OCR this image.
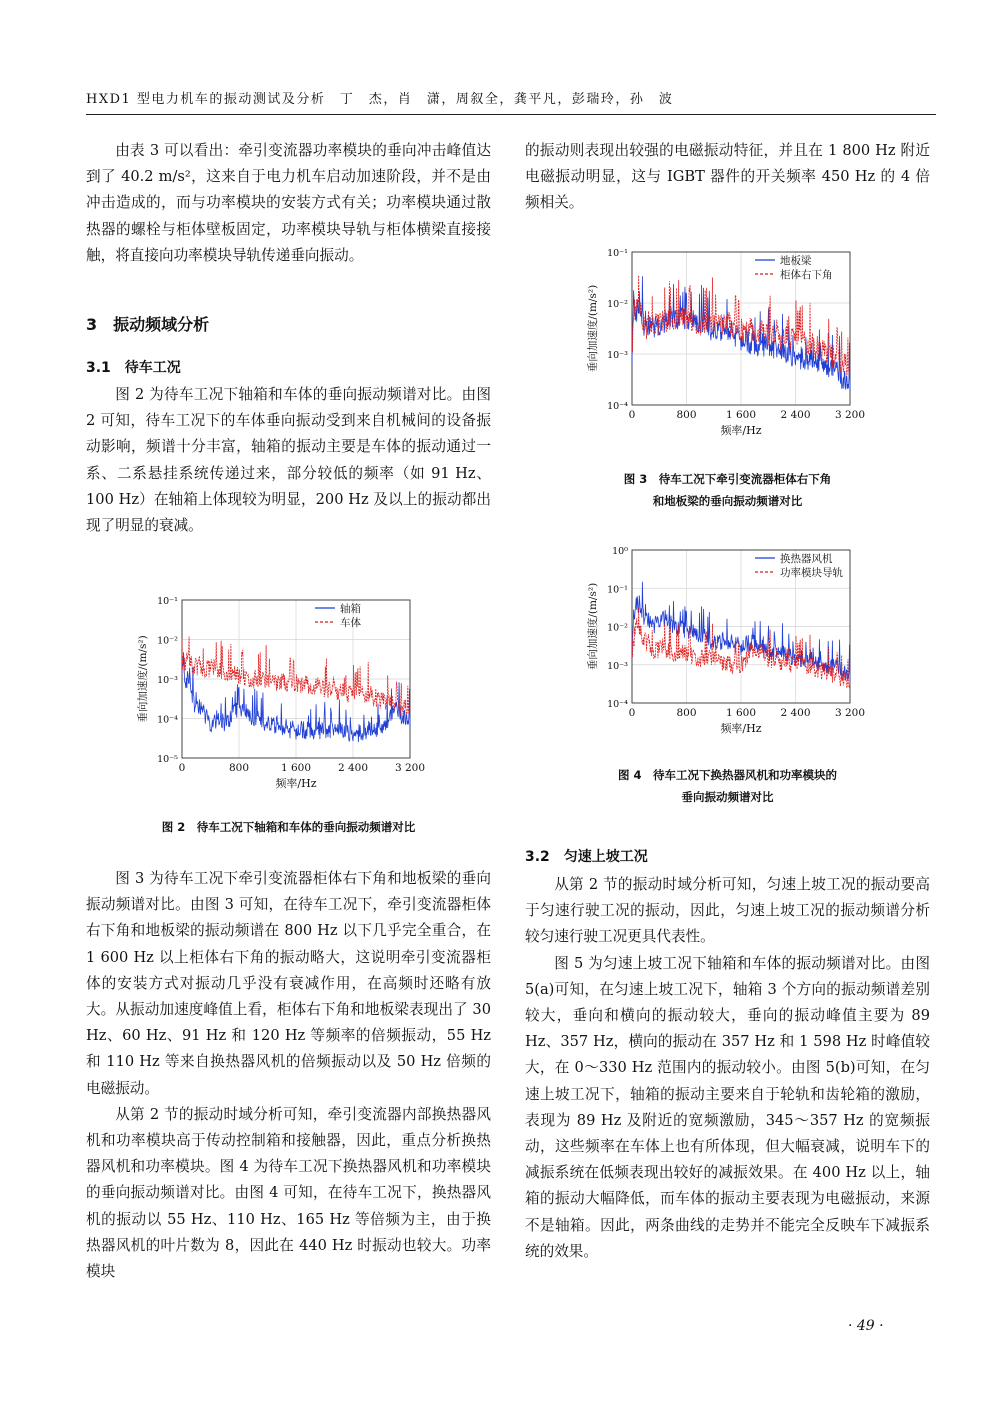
HXD1 型电力机车的振动测试及分析　丁　杰，肖　潇，周叙全，龚平凡，彭瑞玲，孙　波

由表 3 可以看出：牵引变流器功率模块的垂向冲击峰值达到了 40.2 m/s²，这来自于电力机车启动加速阶段，并不是由冲击造成的，而与功率模块的安装方式有关；功率模块通过散热器的螺栓与柜体壁板固定，功率模块导轨与柜体横梁直接接触，将直接向功率模块导轨传递垂向振动。

3　振动频域分析
3.1　待车工况

图 2 为待车工况下轴箱和车体的垂向振动频谱对比。由图 2 可知，待车工况下的车体垂向振动受到来自机械间的设备振动影响，频谱十分丰富，轴箱的振动主要是车体的振动通过一系、二系悬挂系统传递过来，部分较低的频率（如 91 Hz、100 Hz）在轴箱上体现较为明显，200 Hz 及以上的振动都出现了明显的衰减。

0	800	1 600	2 400	3 200
10⁻⁵
10⁻⁴
10⁻³
10⁻²
10⁻¹
轴箱
车体
频率/Hz
垂向加速度/(m/s²)
图 2　待车工况下轴箱和车体的垂向振动频谱对比

图 3 为待车工况下牵引变流器柜体右下角和地板梁的垂向振动频谱对比。由图 3 可知，在待车工况下，牵引变流器柜体右下角和地板梁的振动频谱在 800 Hz 以下几乎完全重合，在 1 600 Hz 以上柜体右下角的振动略大，这说明牵引变流器柜体的安装方式对振动几乎没有衰减作用，在高频时还略有放大。从振动加速度峰值上看，柜体右下角和地板梁表现出了 30 Hz、60 Hz、91 Hz 和 120 Hz 等频率的倍频振动，55 Hz 和 110 Hz 等来自换热器风机的倍频振动以及 50 Hz 倍频的电磁振动。

从第 2 节的振动时域分析可知，牵引变流器内部换热器风机和功率模块高于传动控制箱和接触器，因此，重点分析换热器风机和功率模块。图 4 为待车工况下换热器风机和功率模块的垂向振动频谱对比。由图 4 可知，在待车工况下，换热器风机的振动以 55 Hz、110 Hz、165 Hz 等倍频为主，由于换热器风机的叶片数为 8，因此在 440 Hz 时振动也较大。功率模块

的振动则表现出较强的电磁振动特征，并且在 1 800 Hz 附近电磁振动明显，这与 IGBT 器件的开关频率 450 Hz 的 4 倍频相关。

0	800	1 600 2 400 3 200
10⁻⁴
10⁻³
10⁻²
10⁻¹
地板梁
柜体右下角
频率/Hz
垂向加速度/(m/s²)
图 3　待车工况下牵引变流器柜体右下角
和地板梁的垂向振动频谱对比
0	800	1 600 2 400 3 200
10⁻⁴
10⁻³
10⁻²
10⁻¹
10⁰
换热器风机
功率模块导轨
频率/Hz
垂向加速度/(m/s²)
图 4　待车工况下换热器风机和功率模块的
垂向振动频谱对比
3.2　匀速上坡工况

从第 2 节的振动时域分析可知，匀速上坡工况的振动要高于匀速行驶工况的振动，因此，匀速上坡工况的振动频谱分析较匀速行驶工况更具代表性。

图 5 为匀速上坡工况下轴箱和车体的振动频谱对比。由图 5(a)可知，在匀速上坡工况下，轴箱 3 个方向的振动频谱差别较大，垂向和横向的振动较大，垂向的振动峰值主要为 89 Hz、357 Hz，横向的振动在 357 Hz 和 1 598 Hz 时峰值较大，在 0～330 Hz 范围内的振动较小。由图 5(b)可知，在匀速上坡工况下，轴箱的振动主要来自于轮轨和齿轮箱的激励，表现为 89 Hz 及附近的宽频激励，345～357 Hz 的宽频振动，这些频率在车体上也有所体现，但大幅衰减，说明车下的减振系统在低频表现出较好的减振效果。在 400 Hz 以上，轴箱的振动大幅降低，而车体的振动主要表现为电磁振动，来源不是轴箱。因此，两条曲线的走势并不能完全反映车下减振系统的效果。

· 49 ·
